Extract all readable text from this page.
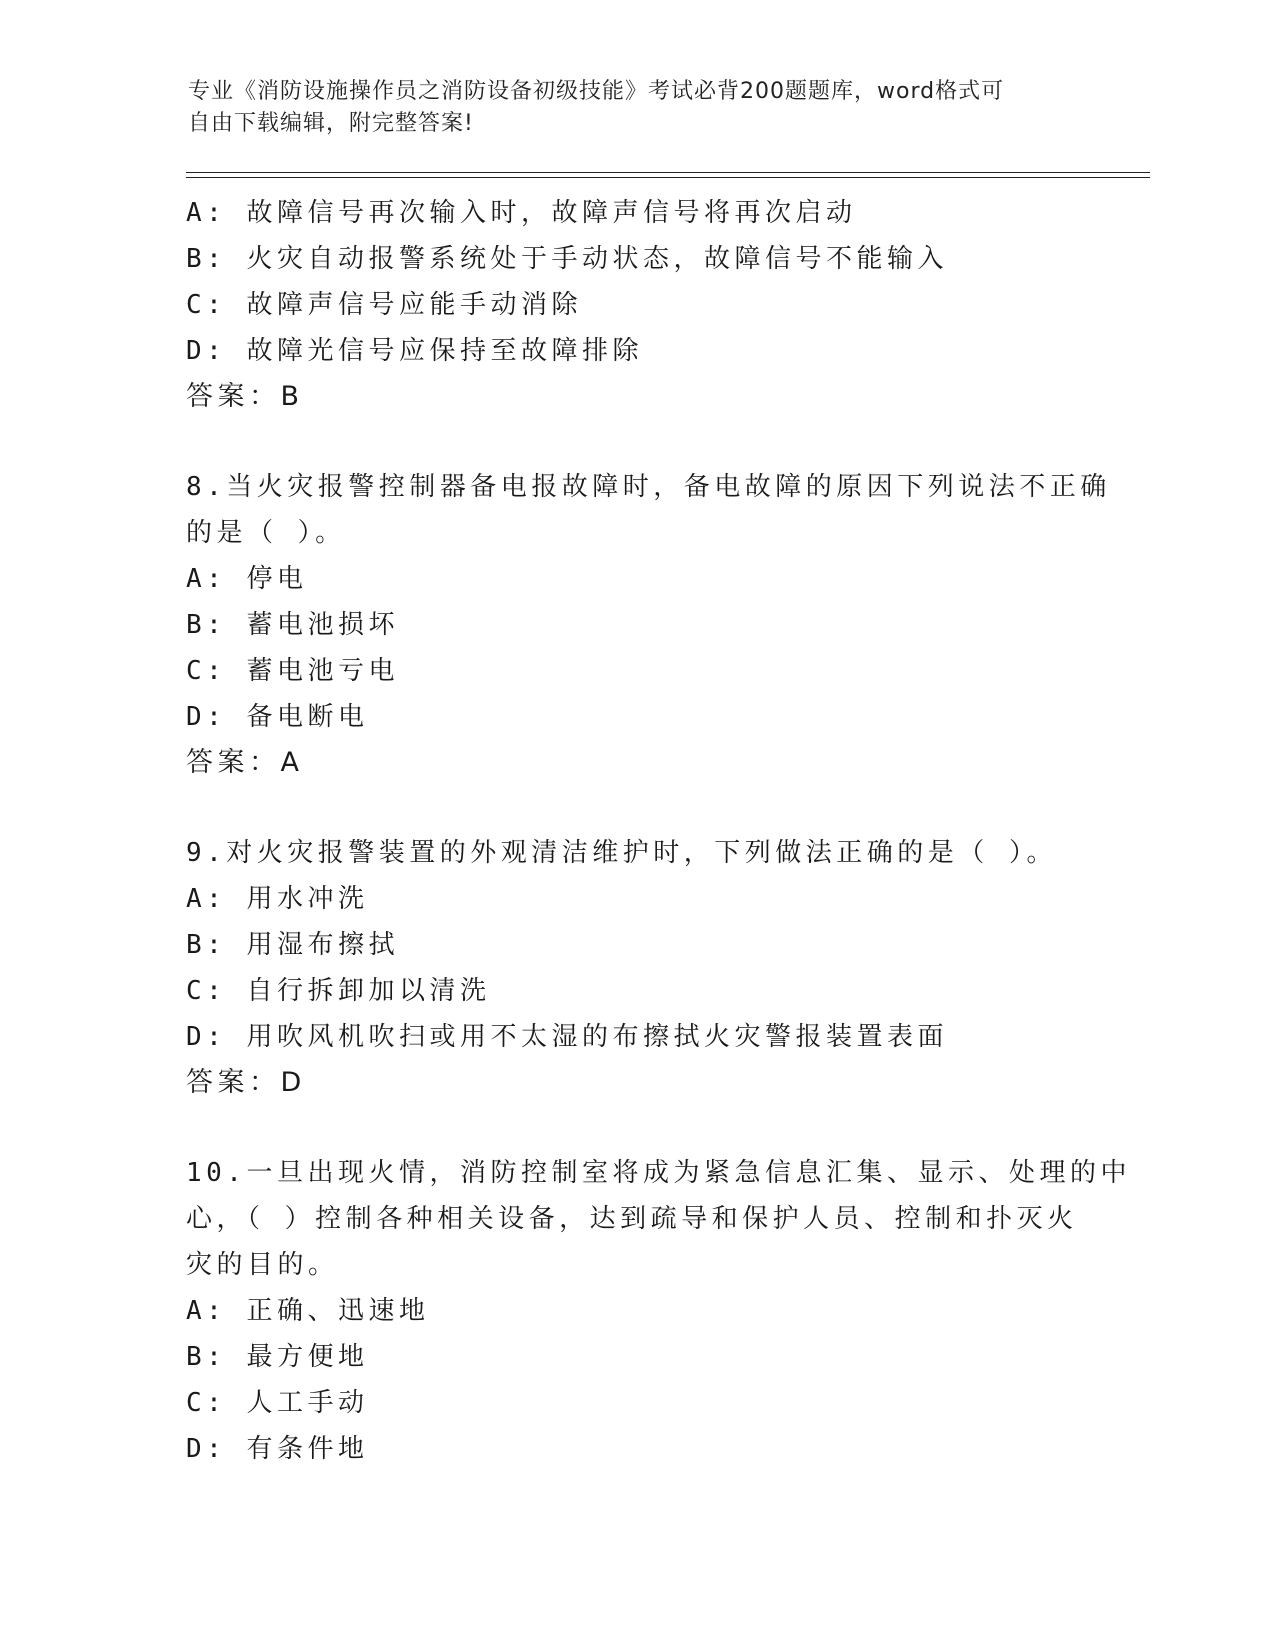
专业《消防设施操作员之消防设备初级技能》考试必背200题题库，word格式可
自由下载编辑，附完整答案!
A: 故障信号再次输入时，故障声信号将再次启动
B: 火灾自动报警系统处于手动状态，故障信号不能输入
C: 故障声信号应能手动消除
D: 故障光信号应保持至故障排除
答案：B
8.当火灾报警控制器备电报故障时，备电故障的原因下列说法不正确
的是（ ）。
A: 停电
B: 蓄电池损坏
C: 蓄电池亏电
D: 备电断电
答案：A
9.对火灾报警装置的外观清洁维护时，下列做法正确的是（ ）。
A: 用水冲洗
B: 用湿布擦拭
C: 自行拆卸加以清洗
D: 用吹风机吹扫或用不太湿的布擦拭火灾警报装置表面
答案：D
10.一旦出现火情，消防控制室将成为紧急信息汇集、显示、处理的中
心，（ ）控制各种相关设备，达到疏导和保护人员、控制和扑灭火
灾的目的。
A: 正确、迅速地
B: 最方便地
C: 人工手动
D: 有条件地
